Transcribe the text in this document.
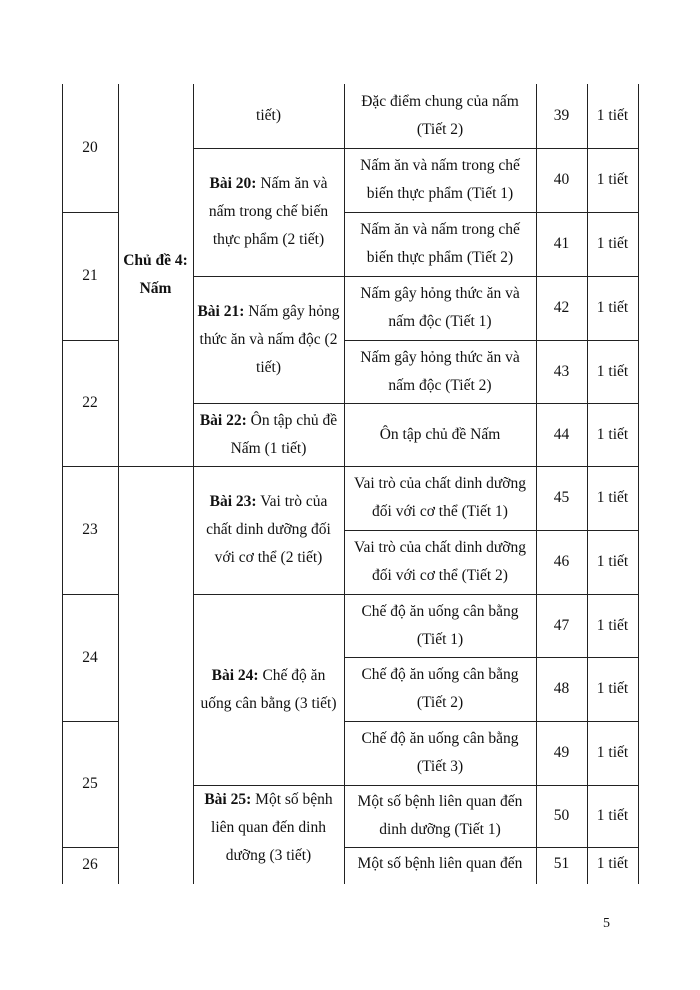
20
21
22
23
24
25
26
Chủ đề 4:
Nấm
tiết)
Bài 20: Nấm ăn và nấm trong chế biến thực phẩm (2 tiết)
Bài 21: Nấm gây hỏng thức ăn và nấm độc (2 tiết)
Bài 22: Ôn tập chủ đề Nấm (1 tiết)
Bài 23: Vai trò của chất dinh dưỡng đối với cơ thể (2 tiết)
Bài 24: Chế độ ăn uống cân bằng (3 tiết)
Bài 25: Một số bệnh liên quan đến dinh dưỡng (3 tiết)
Đặc điểm chung của nấm (Tiết 2)
39 1 tiết
Nấm ăn và nấm trong chế biến thực phẩm (Tiết 1)
40 1 tiết
Nấm ăn và nấm trong chế biến thực phẩm (Tiết 2)
41 1 tiết
Nấm gây hỏng thức ăn và nấm độc (Tiết 1)
42 1 tiết
Nấm gây hỏng thức ăn và nấm độc (Tiết 2)
43 1 tiết
Ôn tập chủ đề Nấm	44 1 tiết
Vai trò của chất dinh dưỡng đối với cơ thể (Tiết 1)
45 1 tiết
Vai trò của chất dinh dưỡng đối với cơ thể (Tiết 2)
46 1 tiết
Chế độ ăn uống cân bằng (Tiết 1)
47 1 tiết
Chế độ ăn uống cân bằng (Tiết 2)
48 1 tiết
Chế độ ăn uống cân bằng (Tiết 3)
49 1 tiết
Một số bệnh liên quan đến dinh dưỡng (Tiết 1)
50 1 tiết
Một số bệnh liên quan đến 51 1 tiết
5
